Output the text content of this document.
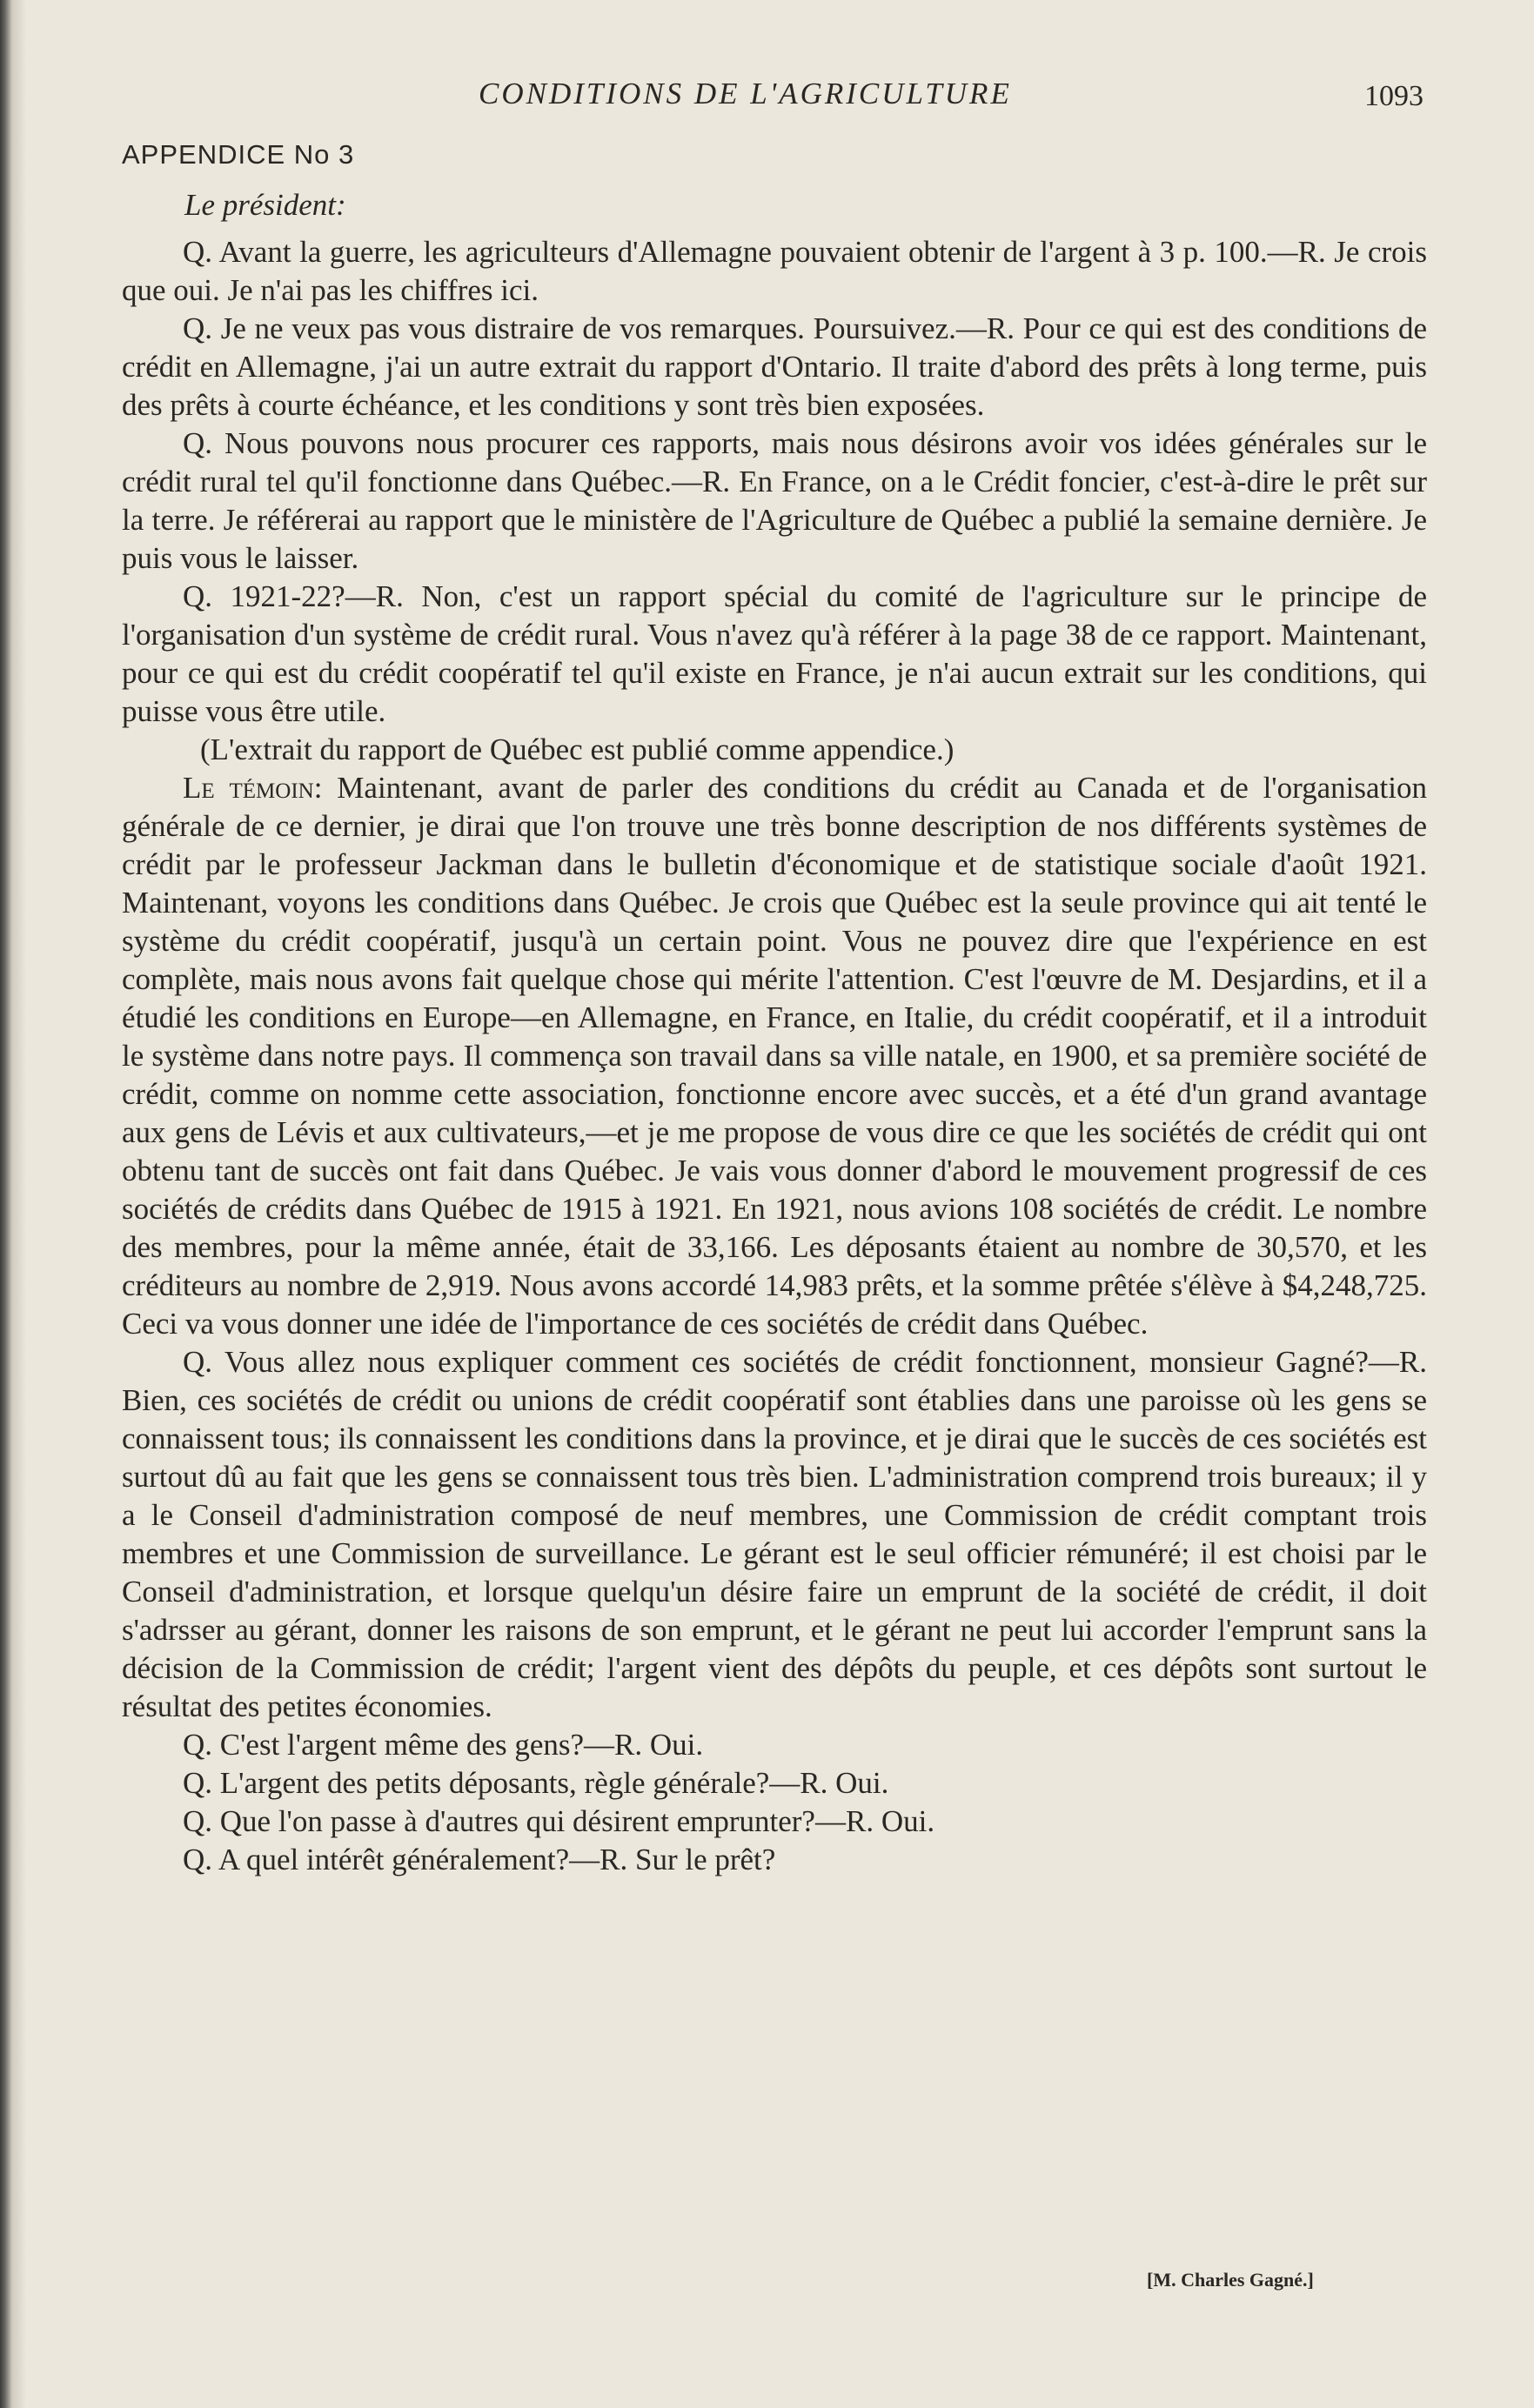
CONDITIONS DE L'AGRICULTURE	1093
APPENDICE No 3
Le président:

Q. Avant la guerre, les agriculteurs d'Allemagne pouvaient obtenir de l'argent à 3 p. 100.—R. Je crois que oui. Je n'ai pas les chiffres ici.

Q. Je ne veux pas vous distraire de vos remarques. Poursuivez.—R. Pour ce qui est des conditions de crédit en Allemagne, j'ai un autre extrait du rapport d'Ontario. Il traite d'abord des prêts à long terme, puis des prêts à courte échéance, et les conditions y sont très bien exposées.

Q. Nous pouvons nous procurer ces rapports, mais nous désirons avoir vos idées générales sur le crédit rural tel qu'il fonctionne dans Québec.—R. En France, on a le Crédit foncier, c'est-à-dire le prêt sur la terre. Je référerai au rapport que le ministère de l'Agriculture de Québec a publié la semaine dernière. Je puis vous le laisser.

Q. 1921-22?—R. Non, c'est un rapport spécial du comité de l'agriculture sur le principe de l'organisation d'un système de crédit rural. Vous n'avez qu'à référer à la page 38 de ce rapport. Maintenant, pour ce qui est du crédit coopératif tel qu'il existe en France, je n'ai aucun extrait sur les conditions, qui puisse vous être utile.

(L'extrait du rapport de Québec est publié comme appendice.)

Le témoin: Maintenant, avant de parler des conditions du crédit au Canada et de l'organisation générale de ce dernier, je dirai que l'on trouve une très bonne description de nos différents systèmes de crédit par le professeur Jackman dans le bulletin d'économique et de statistique sociale d'août 1921. Maintenant, voyons les conditions dans Québec. Je crois que Québec est la seule province qui ait tenté le système du crédit coopératif, jusqu'à un certain point. Vous ne pouvez dire que l'expérience en est complète, mais nous avons fait quelque chose qui mérite l'attention. C'est l'œuvre de M. Desjardins, et il a étudié les conditions en Europe—en Allemagne, en France, en Italie, du crédit coopératif, et il a introduit le système dans notre pays. Il commença son travail dans sa ville natale, en 1900, et sa première société de crédit, comme on nomme cette association, fonctionne encore avec succès, et a été d'un grand avantage aux gens de Lévis et aux cultivateurs,—et je me propose de vous dire ce que les sociétés de crédit qui ont obtenu tant de succès ont fait dans Québec. Je vais vous donner d'abord le mouvement progressif de ces sociétés de crédits dans Québec de 1915 à 1921. En 1921, nous avions 108 sociétés de crédit. Le nombre des membres, pour la même année, était de 33,166. Les déposants étaient au nombre de 30,570, et les créditeurs au nombre de 2,919. Nous avons accordé 14,983 prêts, et la somme prêtée s'élève à $4,248,725. Ceci va vous donner une idée de l'importance de ces sociétés de crédit dans Québec.

Q. Vous allez nous expliquer comment ces sociétés de crédit fonctionnent, monsieur Gagné?—R. Bien, ces sociétés de crédit ou unions de crédit coopératif sont établies dans une paroisse où les gens se connaissent tous; ils connaissent les conditions dans la province, et je dirai que le succès de ces sociétés est surtout dû au fait que les gens se connaissent tous très bien. L'administration comprend trois bureaux; il y a le Conseil d'administration composé de neuf membres, une Commission de crédit comptant trois membres et une Commission de surveillance. Le gérant est le seul officier rémunéré; il est choisi par le Conseil d'administration, et lorsque quelqu'un désire faire un emprunt de la société de crédit, il doit s'adrsser au gérant, donner les raisons de son emprunt, et le gérant ne peut lui accorder l'emprunt sans la décision de la Commission de crédit; l'argent vient des dépôts du peuple, et ces dépôts sont surtout le résultat des petites économies.

Q. C'est l'argent même des gens?—R. Oui.

Q. L'argent des petits déposants, règle générale?—R. Oui.

Q. Que l'on passe à d'autres qui désirent emprunter?—R. Oui.

Q. A quel intérêt généralement?—R. Sur le prêt?

[M. Charles Gagné.]
